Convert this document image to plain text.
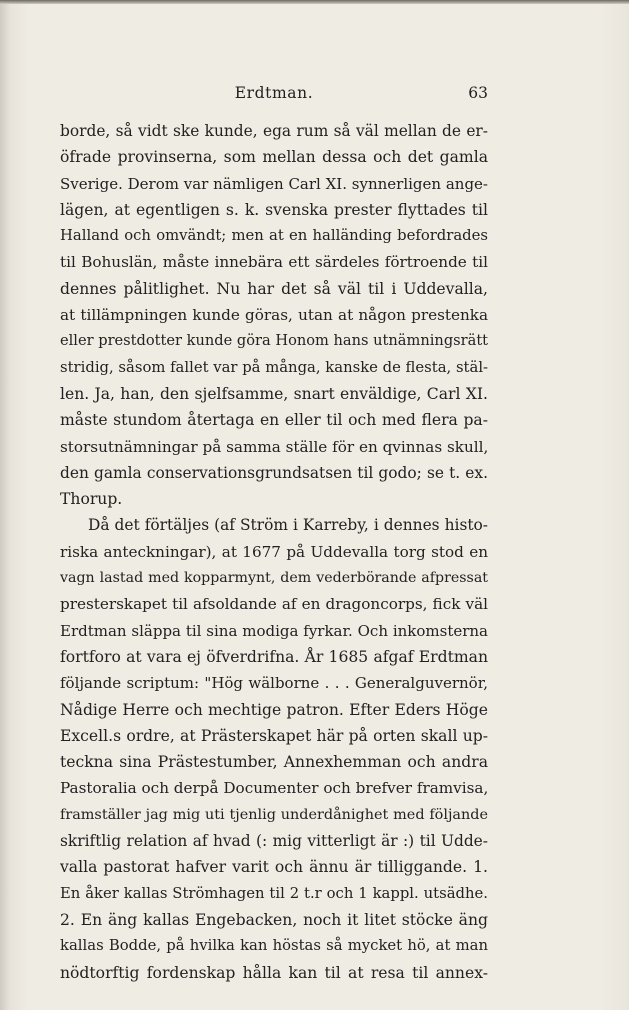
Erdtman.	63
borde, så vidt ske kunde, ega rum så väl mellan de er-
öfrade provinserna, som mellan dessa och det gamla
Sverige. Derom var nämligen Carl XI. synnerligen ange-
lägen, at egentligen s. k. svenska prester flyttades til
Halland och omvändt; men at en halländing befordrades
til Bohuslän, måste innebära ett särdeles förtroende til
dennes pålitlighet. Nu har det så väl til i Uddevalla,
at tillämpningen kunde göras, utan at någon prestenka
eller prestdotter kunde göra Honom hans utnämningsrätt
stridig, såsom fallet var på många, kanske de flesta, stäl-
len. Ja, han, den sjelfsamme, snart enväldige, Carl XI.
måste stundom återtaga en eller til och med flera pa-
storsutnämningar på samma ställe för en qvinnas skull,
den gamla conservationsgrundsatsen til godo; se t. ex.
Thorup.
Då det förtäljes (af Ström i Karreby, i dennes histo-
riska anteckningar), at 1677 på Uddevalla torg stod en
vagn lastad med kopparmynt, dem vederbörande afpressat
presterskapet til afsoldande af en dragoncorps, fick väl
Erdtman släppa til sina modiga fyrkar. Och inkomsterna
fortforo at vara ej öfverdrifna. År 1685 afgaf Erdtman
följande scriptum: "Hög wälborne . . . Generalguvernör,
Nådige Herre och mechtige patron. Efter Eders Höge
Excell.s ordre, at Prästerskapet här på orten skall up-
teckna sina Prästestumber, Annexhemman och andra
Pastoralia och derpå Documenter och brefver framvisa,
framställer jag mig uti tjenlig underdånighet med följande
skriftlig relation af hvad (: mig vitterligt är :) til Udde-
valla pastorat hafver varit och ännu är tilliggande. 1.
En åker kallas Strömhagen til 2 t.r och 1 kappl. utsädhe.
2. En äng kallas Engebacken, noch it litet stöcke äng
kallas Bodde, på hvilka kan höstas så mycket hö, at man
nödtorftig fordenskap hålla kan til at resa til annex-
